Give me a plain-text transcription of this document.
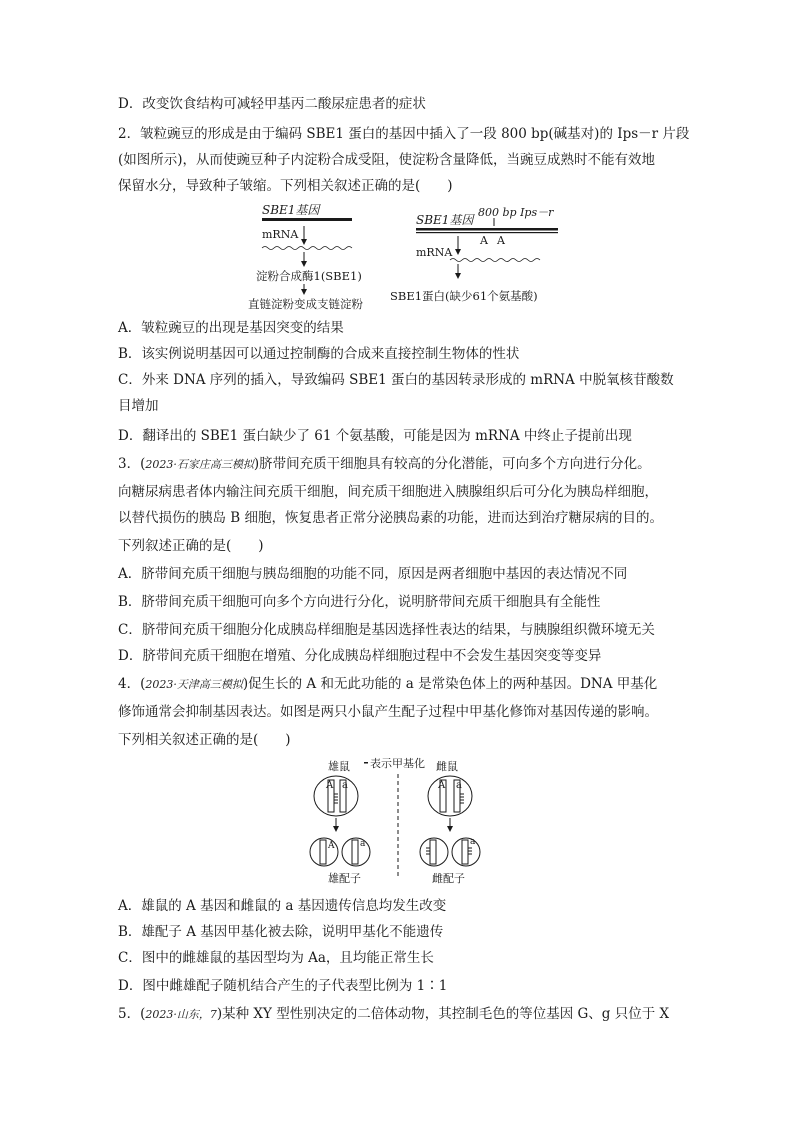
D．改变饮食结构可减轻甲基丙二酸尿症患者的症状
2．皱粒豌豆的形成是由于编码 SBE1 蛋白的基因中插入了一段 800 bp(碱基对)的 Ips－r 片段
(如图所示)，从而使豌豆种子内淀粉合成受阻，使淀粉含量降低，当豌豆成熟时不能有效地
保留水分，导致种子皱缩。下列相关叙述正确的是(　　)
SBE1基因
mRNA
淀粉合成酶1(SBE1)
直链淀粉变成支链淀粉
SBE1基因
800 bp Ips－r
A A
mRNA
SBE1蛋白(缺少61个氨基酸)
A．皱粒豌豆的出现是基因突变的结果
B．该实例说明基因可以通过控制酶的合成来直接控制生物体的性状
C．外来 DNA 序列的插入，导致编码 SBE1 蛋白的基因转录形成的 mRNA 中脱氧核苷酸数
目增加
D．翻译出的 SBE1 蛋白缺少了 61 个氨基酸，可能是因为 mRNA 中终止子提前出现
3．(2023·石家庄高三模拟)脐带间充质干细胞具有较高的分化潜能，可向多个方向进行分化。
向糖尿病患者体内输注间充质干细胞，间充质干细胞进入胰腺组织后可分化为胰岛样细胞，
以替代损伤的胰岛 B 细胞，恢复患者正常分泌胰岛素的功能，进而达到治疗糖尿病的目的。
下列叙述正确的是(　　)
A．脐带间充质干细胞与胰岛细胞的功能不同，原因是两者细胞中基因的表达情况不同
B．脐带间充质干细胞可向多个方向进行分化，说明脐带间充质干细胞具有全能性
C．脐带间充质干细胞分化成胰岛样细胞是基因选择性表达的结果，与胰腺组织微环境无关
D．脐带间充质干细胞在增殖、分化成胰岛样细胞过程中不会发生基因突变等变异
4．(2023·天津高三模拟)促生长的 A 和无此功能的 a 是常染色体上的两种基因。DNA 甲基化
修饰通常会抑制基因表达。如图是两只小鼠产生配子过程中甲基化修饰对基因传递的影响。
下列相关叙述正确的是(　　)
表示甲基化
雄鼠	雌鼠
A a
A	a
雄配子
A a
a
雌配子
A．雄鼠的 A 基因和雌鼠的 a 基因遗传信息均发生改变
B．雄配子 A 基因甲基化被去除，说明甲基化不能遗传
C．图中的雌雄鼠的基因型均为 Aa，且均能正常生长
D．图中雌雄配子随机结合产生的子代表型比例为 1∶1
5．(2023·山东，7)某种 XY 型性别决定的二倍体动物，其控制毛色的等位基因 G、g 只位于 X
